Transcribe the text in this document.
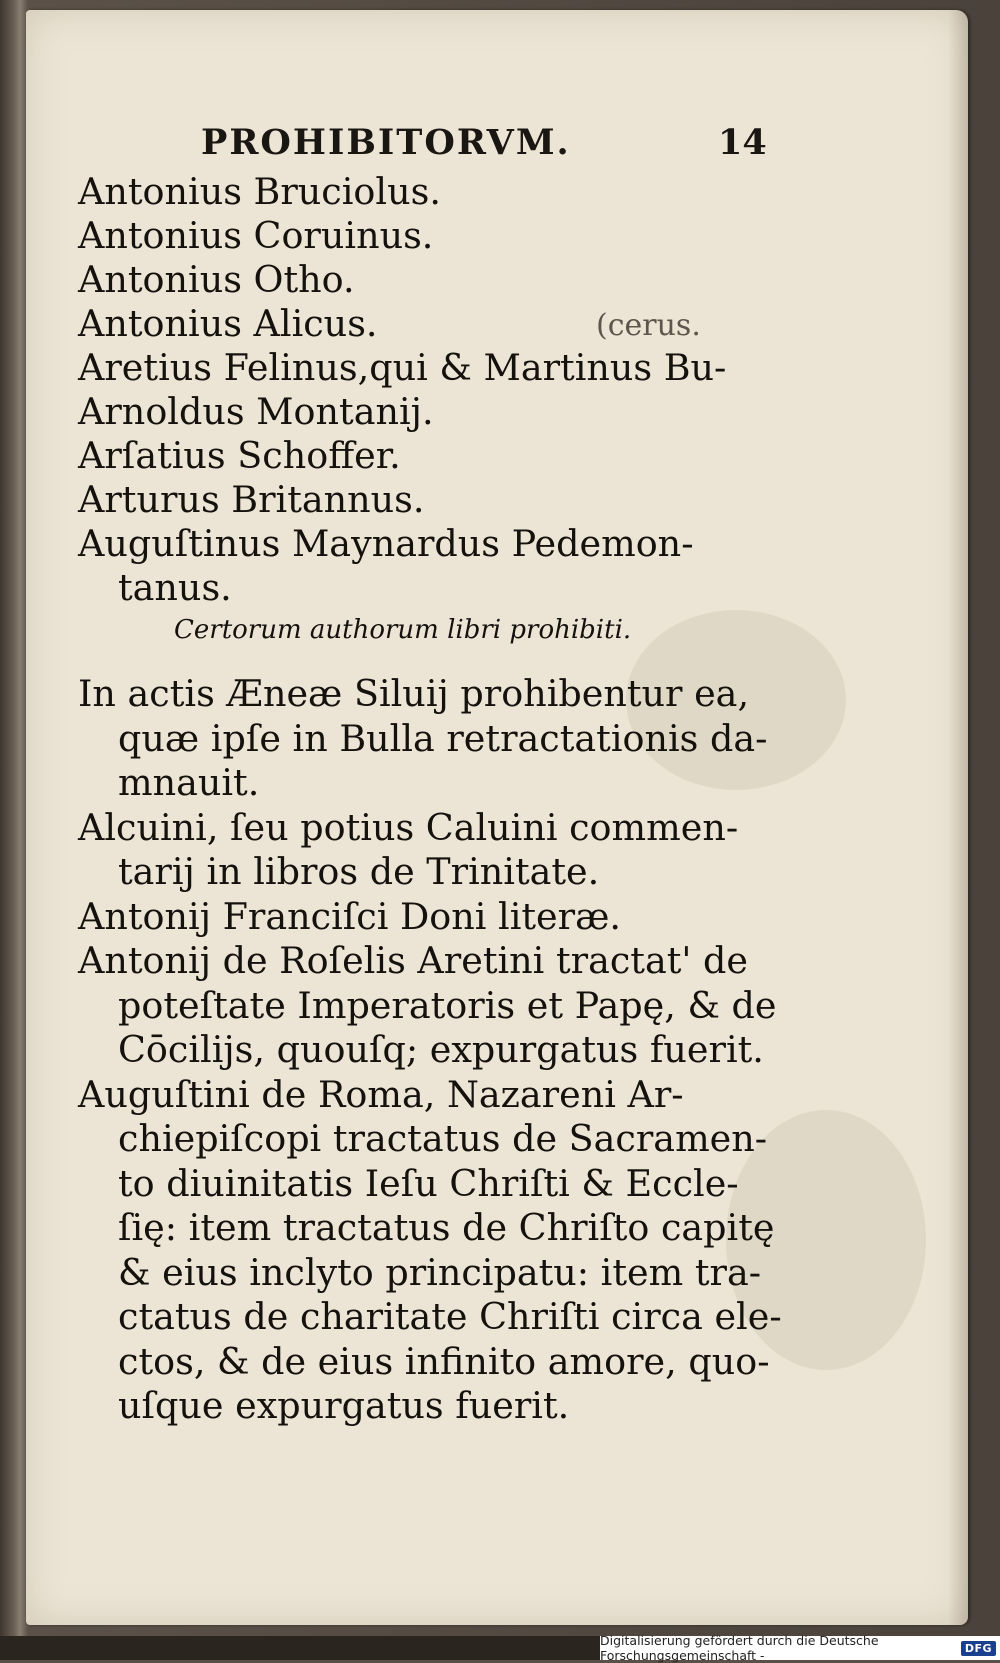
PROHIBITORVM.	14
(cerus.
Antonius Bruciolus.
Antonius Coruinus.
Antonius Otho.
Antonius Alicus.
Aretius Felinus,qui & Martinus Bu-
Arnoldus Montanij.
Arſatius Schoffer.
Arturus Britannus.
Auguſtinus Maynardus Pedemon-
tanus.
Certorum authorum libri prohibiti.
In actis Æneæ Siluij prohibentur ea,
quæ ipſe in Bulla retractationis da-
mnauit.
Alcuini, ſeu potius Caluini commen-
tarij in libros de Trinitate.
Antonij Franciſci Doni literæ.
Antonij de Roſelis Aretini tractat' de
poteſtate Imperatoris et Papę, & de
Cōcilijs, quouſq; expurgatus fuerit.
Auguſtini de Roma, Nazareni Ar-
chiepiſcopi tractatus de Sacramen-
to diuinitatis Ieſu Chriſti & Eccle-
ſię: item tractatus de Chriſto capitę
& eius inclyto principatu: item tra-
ctatus de charitate Chriſti circa ele-
ctos, & de eius infinito amore, quo-
uſque expurgatus fuerit.
Digitalisierung gefördert durch die Deutsche Forschungsgemeinschaft -	DFG
